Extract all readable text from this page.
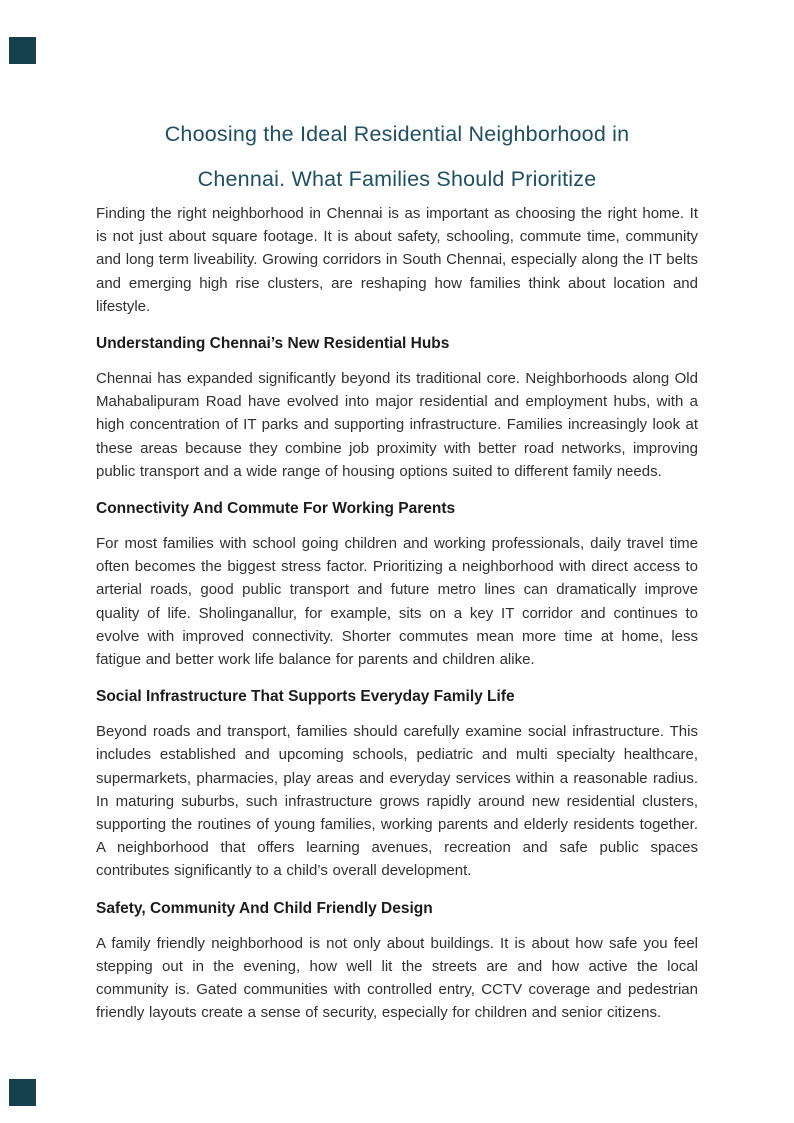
Choosing the Ideal Residential Neighborhood in
Chennai. What Families Should Prioritize

Finding the right neighborhood in Chennai is as important as choosing the right home. It is not just about square footage. It is about safety, schooling, commute time, community and long term liveability. Growing corridors in South Chennai, especially along the IT belts and emerging high rise clusters, are reshaping how families think about location and lifestyle.

Understanding Chennai’s New Residential Hubs

Chennai has expanded significantly beyond its traditional core. Neighborhoods along Old Mahabalipuram Road have evolved into major residential and employment hubs, with a high concentration of IT parks and supporting infrastructure. Families increasingly look at these areas because they combine job proximity with better road networks, improving public transport and a wide range of housing options suited to different family needs.

Connectivity And Commute For Working Parents

For most families with school going children and working professionals, daily travel time often becomes the biggest stress factor. Prioritizing a neighborhood with direct access to arterial roads, good public transport and future metro lines can dramatically improve quality of life. Sholinganallur, for example, sits on a key IT corridor and continues to evolve with improved connectivity. Shorter commutes mean more time at home, less fatigue and better work life balance for parents and children alike.

Social Infrastructure That Supports Everyday Family Life

Beyond roads and transport, families should carefully examine social infrastructure. This includes established and upcoming schools, pediatric and multi specialty healthcare, supermarkets, pharmacies, play areas and everyday services within a reasonable radius. In maturing suburbs, such infrastructure grows rapidly around new residential clusters, supporting the routines of young families, working parents and elderly residents together. A neighborhood that offers learning avenues, recreation and safe public spaces contributes significantly to a child’s overall development.

Safety, Community And Child Friendly Design

A family friendly neighborhood is not only about buildings. It is about how safe you feel stepping out in the evening, how well lit the streets are and how active the local community is. Gated communities with controlled entry, CCTV coverage and pedestrian friendly layouts create a sense of security, especially for children and senior citizens.
